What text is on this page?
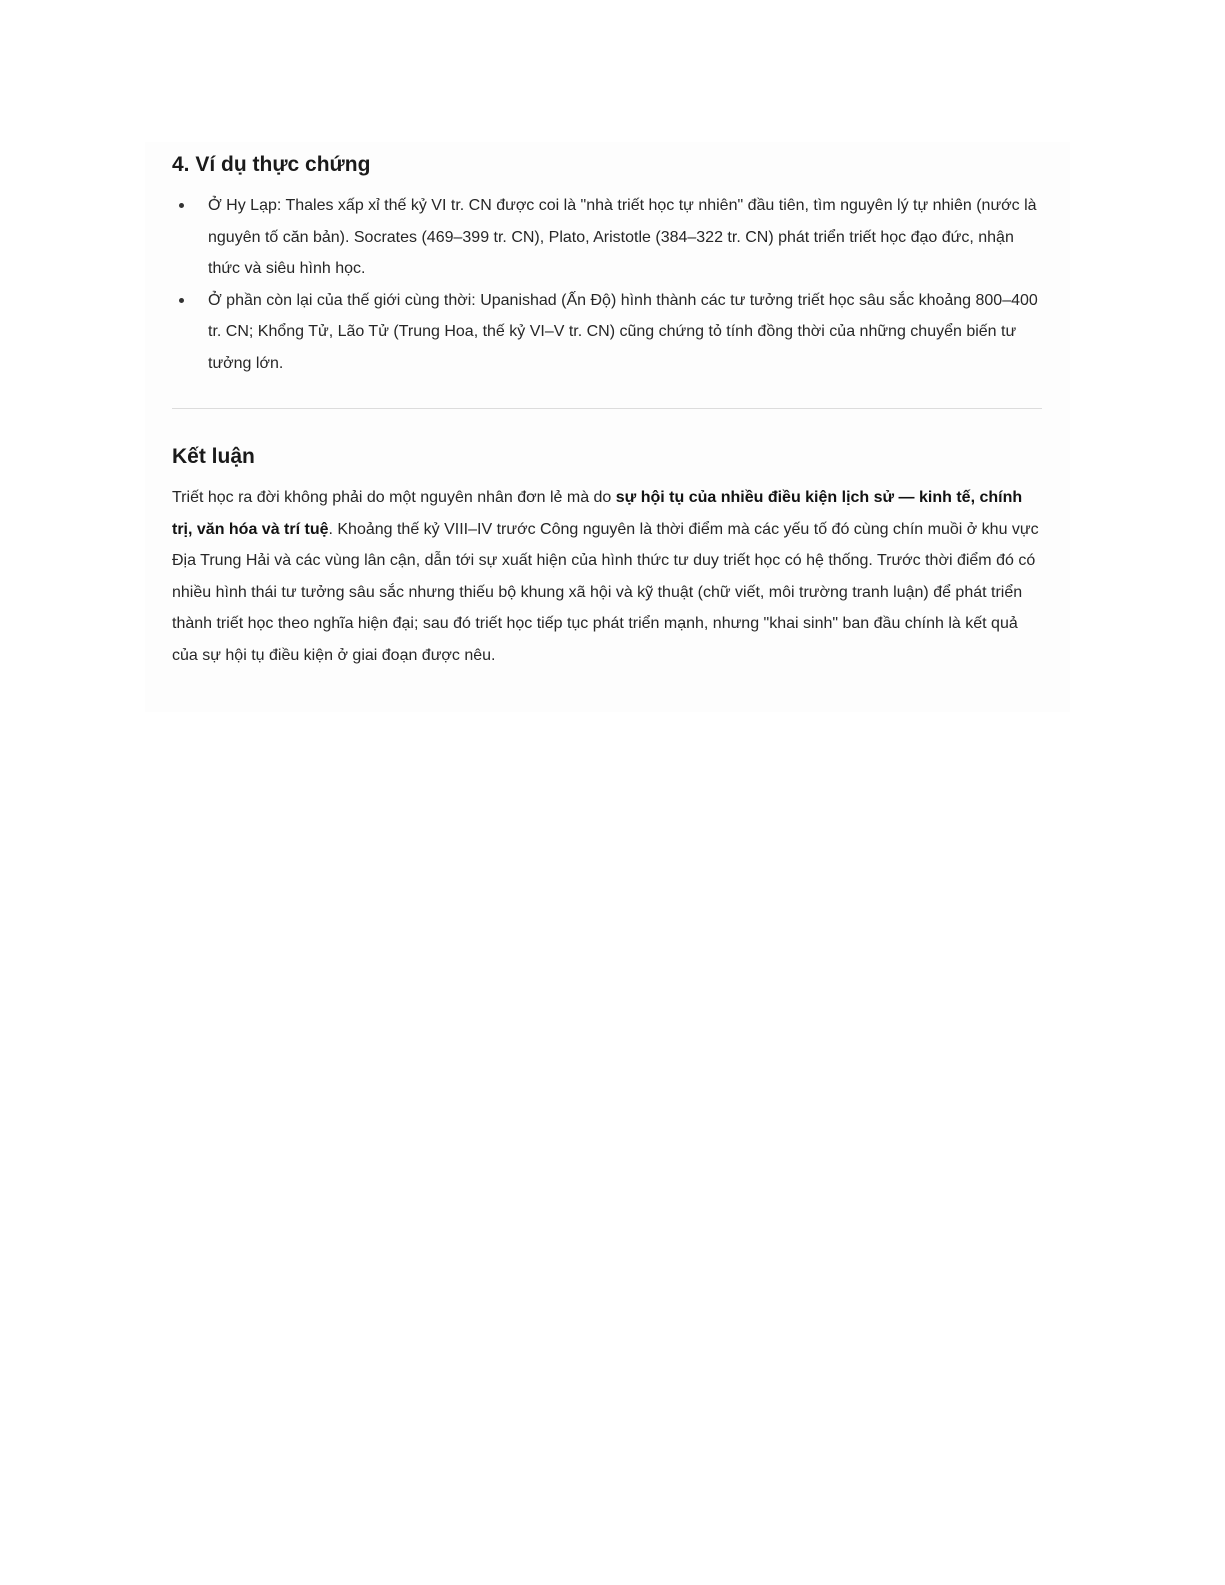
4. Ví dụ thực chứng
Ở Hy Lạp: Thales xấp xỉ thế kỷ VI tr. CN được coi là "nhà triết học tự nhiên" đầu tiên, tìm nguyên lý tự nhiên (nước là nguyên tố căn bản). Socrates (469–399 tr. CN), Plato, Aristotle (384–322 tr. CN) phát triển triết học đạo đức, nhận thức và siêu hình học.
Ở phần còn lại của thế giới cùng thời: Upanishad (Ấn Độ) hình thành các tư tưởng triết học sâu sắc khoảng 800–400 tr. CN; Khổng Tử, Lão Tử (Trung Hoa, thế kỷ VI–V tr. CN) cũng chứng tỏ tính đồng thời của những chuyển biến tư tưởng lớn.
Kết luận

Triết học ra đời không phải do một nguyên nhân đơn lẻ mà do sự hội tụ của nhiều điều kiện lịch sử — kinh tế, chính trị, văn hóa và trí tuệ. Khoảng thế kỷ VIII–IV trước Công nguyên là thời điểm mà các yếu tố đó cùng chín muồi ở khu vực Địa Trung Hải và các vùng lân cận, dẫn tới sự xuất hiện của hình thức tư duy triết học có hệ thống. Trước thời điểm đó có nhiều hình thái tư tưởng sâu sắc nhưng thiếu bộ khung xã hội và kỹ thuật (chữ viết, môi trường tranh luận) để phát triển thành triết học theo nghĩa hiện đại; sau đó triết học tiếp tục phát triển mạnh, nhưng "khai sinh" ban đầu chính là kết quả của sự hội tụ điều kiện ở giai đoạn được nêu.
